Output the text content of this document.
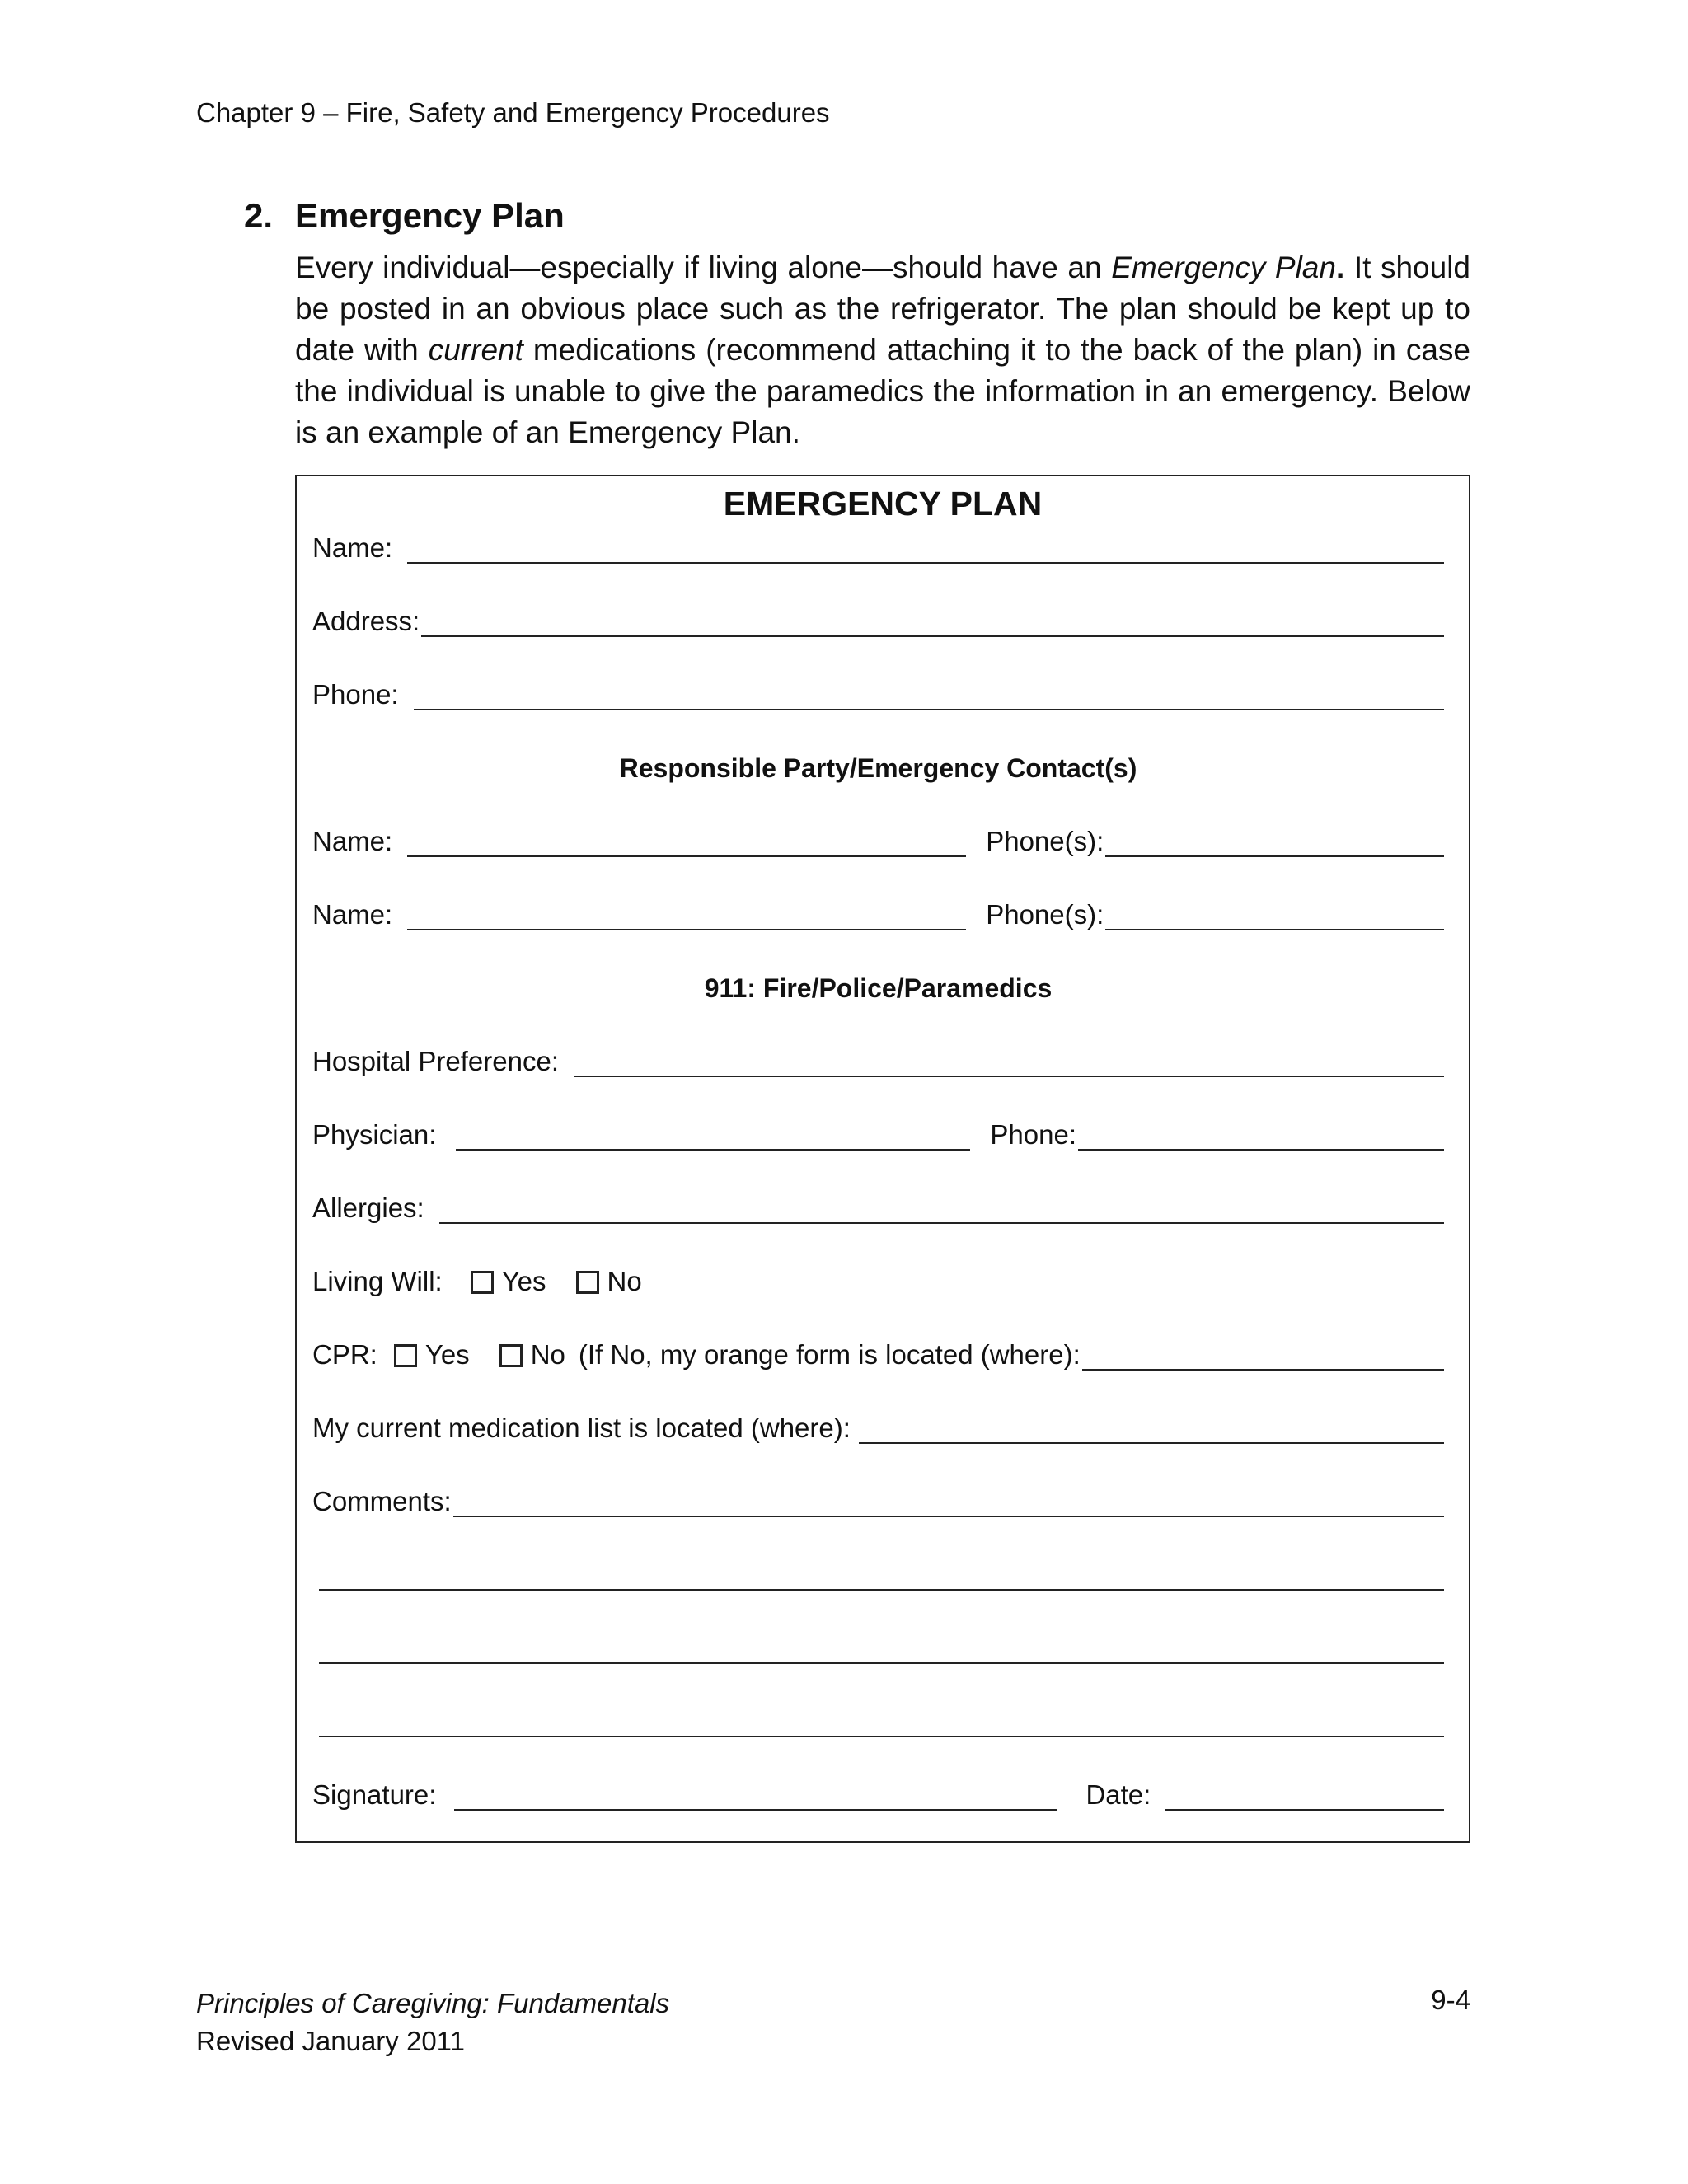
Chapter 9 – Fire, Safety and Emergency Procedures
2. Emergency Plan
Every individual—especially if living alone—should have an Emergency Plan. It should be posted in an obvious place such as the refrigerator. The plan should be kept up to date with current medications (recommend attaching it to the back of the plan) in case the individual is unable to give the paramedics the information in an emergency. Below is an example of an Emergency Plan.
EMERGENCY PLAN
Name:
Address:
Phone:
Responsible Party/Emergency Contact(s)
Name:	Phone(s):
Name:	Phone(s):
911: Fire/Police/Paramedics
Hospital Preference:
Physician:	Phone:
Allergies:
Living Will: Yes No
CPR: Yes No (If No, my orange form is located (where):
My current medication list is located (where):
Comments:
Signature:	Date:
Principles of Caregiving: Fundamentals
Revised January 2011
9-4
